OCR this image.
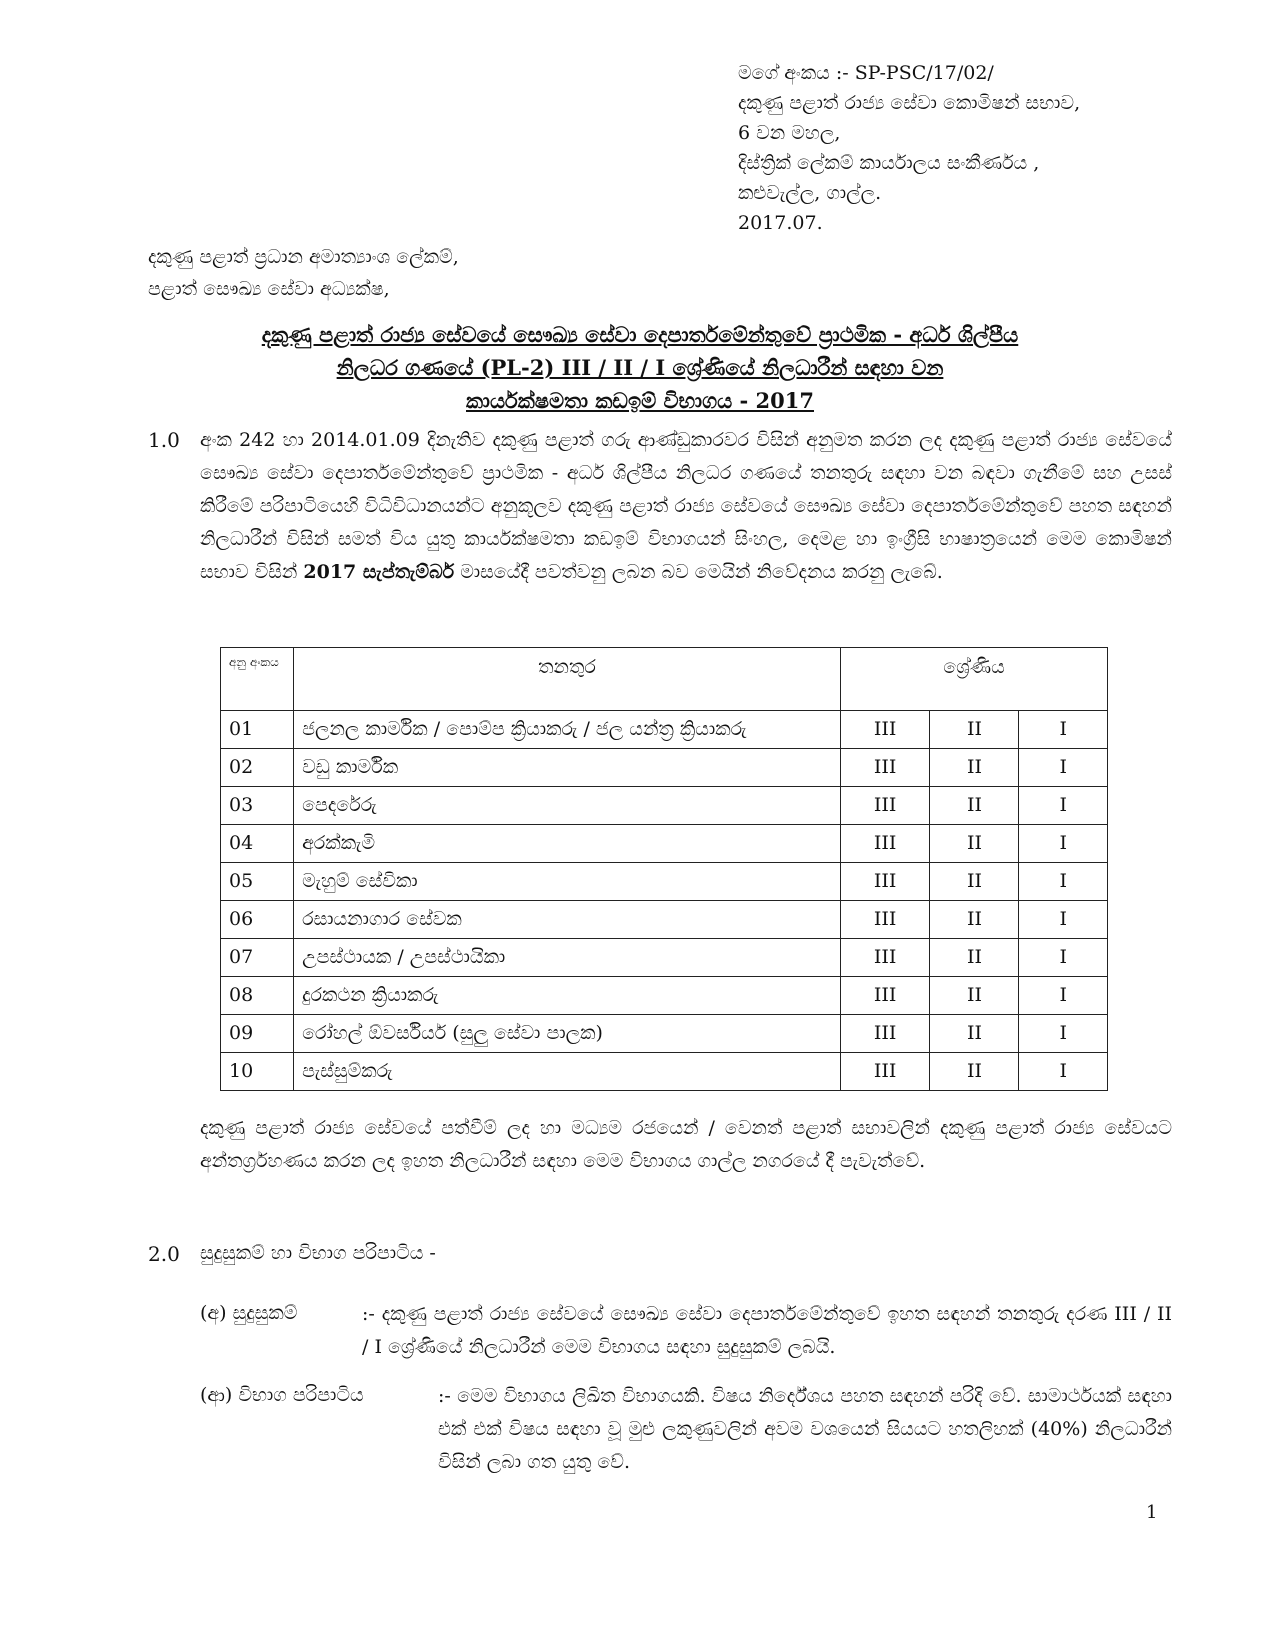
මගේ අංකය :- SP-PSC/17/02/
දකුණු පළාත් රාජ්‍ය සේවා කොමිෂන් සභාව,
6 වන මහල,
දිස්ත්‍රික් ලේකම් කාර්යාලය සංකීර්ණය ,
කළුවැල්ල, ගාල්ල.
2017.07.
දකුණු පළාත් ප්‍රධාන අමාත්‍යාංශ ලේකම්,
පළාත් සෞඛ්‍ය සේවා අධ්‍යක්ෂ,
දකුණු පළාත් රාජ්‍ය සේවයේ සෞඛ්‍ය සේවා දෙපාර්තමේන්තුවේ ප්‍රාථමික - අර්ධ ශිල්පීය
නිලධර ගණයේ (PL-2) III / II / I ශ්‍රේණියේ නිලධාරීන් සඳහා වන
කාර්යක්ෂමතා කඩඉම් විභාගය - 2017
1.0 අංක 242 හා 2014.01.09 දිනැතිව දකුණු පළාත් ගරු ආණ්ඩුකාරවර විසින් අනුමත කරන ලද දකුණු පළාත් රාජ්‍ය සේවයේ සෞඛ්‍ය සේවා දෙපාර්තමේන්තුවේ ප්‍රාථමික - අර්ධ ශිල්පීය නිලධර ගණයේ තනතුරු සඳහා වන බඳවා ගැනීමේ සහ උසස් කිරීමේ පරිපාටියෙහි විධිවිධානයන්ට අනුකූලව දකුණු පළාත් රාජ්‍ය සේවයේ සෞඛ්‍ය සේවා දෙපාර්තමේන්තුවේ පහත සඳහන් නිලධාරීන් විසින් සමත් විය යුතු කාර්යක්ෂමතා කඩඉම් විභාගයන් සිංහල, දෙමළ හා ඉංග්‍රීසි භාෂාත්‍රයෙන් මෙම කොමිෂන් සභාව විසින් 2017 සැප්තැම්බර් මාසයේදී පවත්වනු ලබන බව මෙයින් නිවේදනය කරනු ලැබේ.
අනු අංකය	තනතුර	ශ්‍රේණිය		
01	ජලනල කාර්මික / පොම්ප ක්‍රියාකරු / ජල යන්ත්‍ර ක්‍රියාකරු	III	II	I
02	වඩු කාර්මික	III	II	I
03	පෙදරේරු	III	II	I
04	අරක්කැමි	III	II	I
05	මැහුම් සේවිකා	III	II	I
06	රසායනාගාර සේවක	III	II	I
07	උපස්ථායක / උපස්ථායිකා	III	II	I
08	දුරකථන ක්‍රියාකරු	III	II	I
09	රෝහල් ඕවර්සියර් (සුලු සේවා පාලක)	III	II	I
10	පැස්සුම්කරු	III	II	I
දකුණු පළාත් රාජ්‍ය සේවයේ පත්වීම් ලද හා මධ්‍යම රජයෙන් / වෙනත් පළාත් සභාවලින් දකුණු පළාත් රාජ්‍ය සේවයට අන්තර්ග්‍රහණය කරන ලද ඉහත නිලධාරීන් සඳහා මෙම විභාගය ගාල්ල නගරයේ දී පැවැත්වේ.
2.0 සුදුසුකම් හා විභාග පරිපාටිය -
(අ) සුදුසුකම්	:- දකුණු පළාත් රාජ්‍ය සේවයේ සෞඛ්‍ය සේවා දෙපාර්තමේන්තුවේ ඉහත සඳහන් තනතුරු දරණ III / II / I ශ්‍රේණියේ නිලධාරීන් මෙම විභාගය සඳහා සුදුසුකම් ලබයි.
(ආ) විභාග පරිපාටිය	:- මෙම විභාගය ලිඛිත විභාගයකි. විෂය නිර්දේශය පහත සඳහන් පරිදි වේ. සාමාර්ථයක් සඳහා එක් එක් විෂය සඳහා වූ මුළු ලකුණුවලින් අවම වශයෙන් සියයට හතලිහක් (40%) නිලධාරීන් විසින් ලබා ගත යුතු වේ.
1
